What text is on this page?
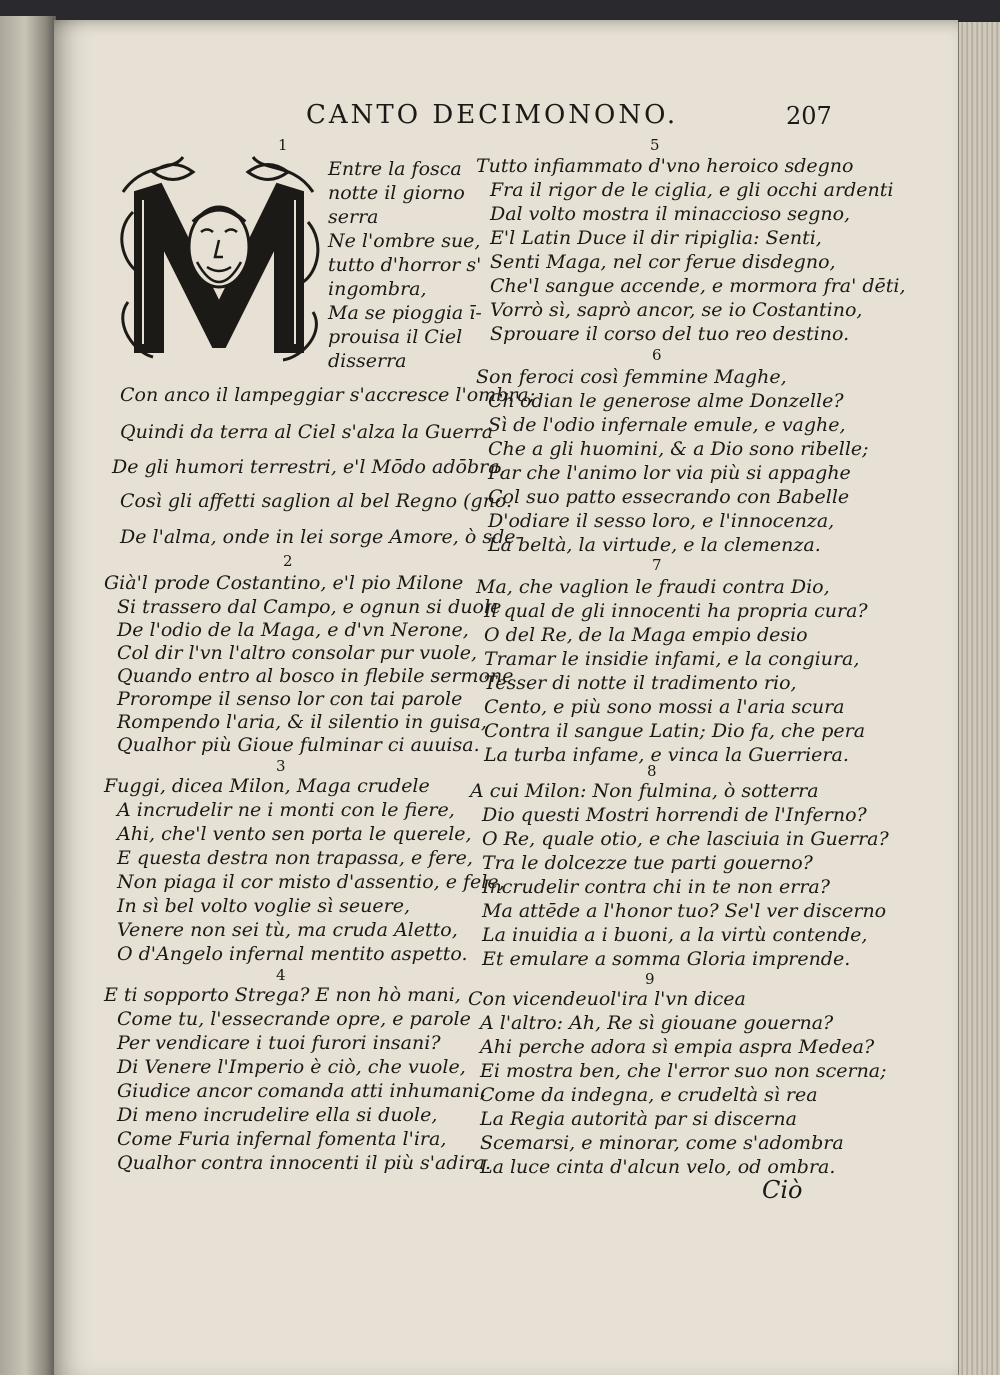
CANTO DECIMONONO.	207
1
2
3
4
5
6
7
8
9
Entre la fosca
notte il giorno
serra
Ne l'ombre sue,
tutto d'horror s'
ingombra,
Ma se pioggia ī-
prouisa il Ciel
disserra
Con anco il lampeggiar s'accresce l'ombra;
Quindi da terra al Ciel s'alza la Guerra
De gli humori terrestri, e'l Mōdo adōbra,
Così gli affetti saglion al bel Regno (gno.
De l'alma, onde in lei sorge Amore, ò sde-
Già'l prode Costantino, e'l pio Milone
Si trassero dal Campo, e ognun si duole
De l'odio de la Maga, e d'vn Nerone,
Col dir l'vn l'altro consolar pur vuole,
Quando entro al bosco in flebile sermone
Prorompe il senso lor con tai parole
Rompendo l'aria, & il silentio in guisa,
Qualhor più Gioue fulminar ci auuisa.
Fuggi, dicea Milon, Maga crudele
A incrudelir ne i monti con le fiere,
Ahi, che'l vento sen porta le querele,
E questa destra non trapassa, e fere,
Non piaga il cor misto d'assentio, e fele,
In sì bel volto voglie sì seuere,
Venere non sei tù, ma cruda Aletto,
O d'Angelo infernal mentito aspetto.
E ti sopporto Strega? E non hò mani,
Come tu, l'essecrande opre, e parole
Per vendicare i tuoi furori insani?
Di Venere l'Imperio è ciò, che vuole,
Giudice ancor comanda atti inhumani,
Di meno incrudelire ella si duole,
Come Furia infernal fomenta l'ira,
Qualhor contra innocenti il più s'adira.
Tutto infiammato d'vno heroico sdegno
Fra il rigor de le ciglia, e gli occhi ardenti
Dal volto mostra il minacciosо segno,
E'l Latin Duce il dir ripiglia: Senti,
Senti Maga, nel cor ferue disdegno,
Che'l sangue accende, e mormora fra' dēti,
Vorrò sì, saprò ancor, se io Costantino,
Sprouare il corso del tuo reo destino.
Son feroci così femmine Maghe,
Ch'odian le generose alme Donzelle?
Sì de l'odio infernale emule, e vaghe,
Che a gli huomini, & a Dio sono ribelle;
Par che l'animo lor via più si appaghe
Col suo patto essecrando con Babelle
D'odiare il sesso loro, e l'innocenza,
La beltà, la virtude, e la clemenza.
Ma, che vaglion le fraudi contra Dio,
Il qual de gli innocenti ha propria cura?
O del Re, de la Maga empio desio
Tramar le insidie infami, e la congiura,
Tesser di notte il tradimento rio,
Cento, e più sono mossi a l'aria scura
Contra il sangue Latin; Dio fa, che pera
La turba infame, e vinca la Guerriera.
A cui Milon: Non fulmina, ò sotterra
Dio questi Mostri horrendi de l'Inferno?
O Re, quale otio, e che lasciuia in Guerra?
Tra le dolcezze tue parti gouerno?
Incrudelir contra chi in te non erra?
Ma attēde a l'honor tuo? Se'l ver discerno
La inuidia a i buoni, a la virtù contende,
Et emulare a somma Gloria imprende.
Con vicendeuol'ira l'vn dicea
A l'altro: Ah, Re sì giouane gouerna?
Ahi perche adora sì empia aspra Medea?
Ei mostra ben, che l'error suo non scerna;
Come da indegna, e crudeltà sì rea
La Regia autorità par si discerna
Scemarsi, e minorar, come s'adombra
La luce cinta d'alcun velo, od ombra.
Ciò
